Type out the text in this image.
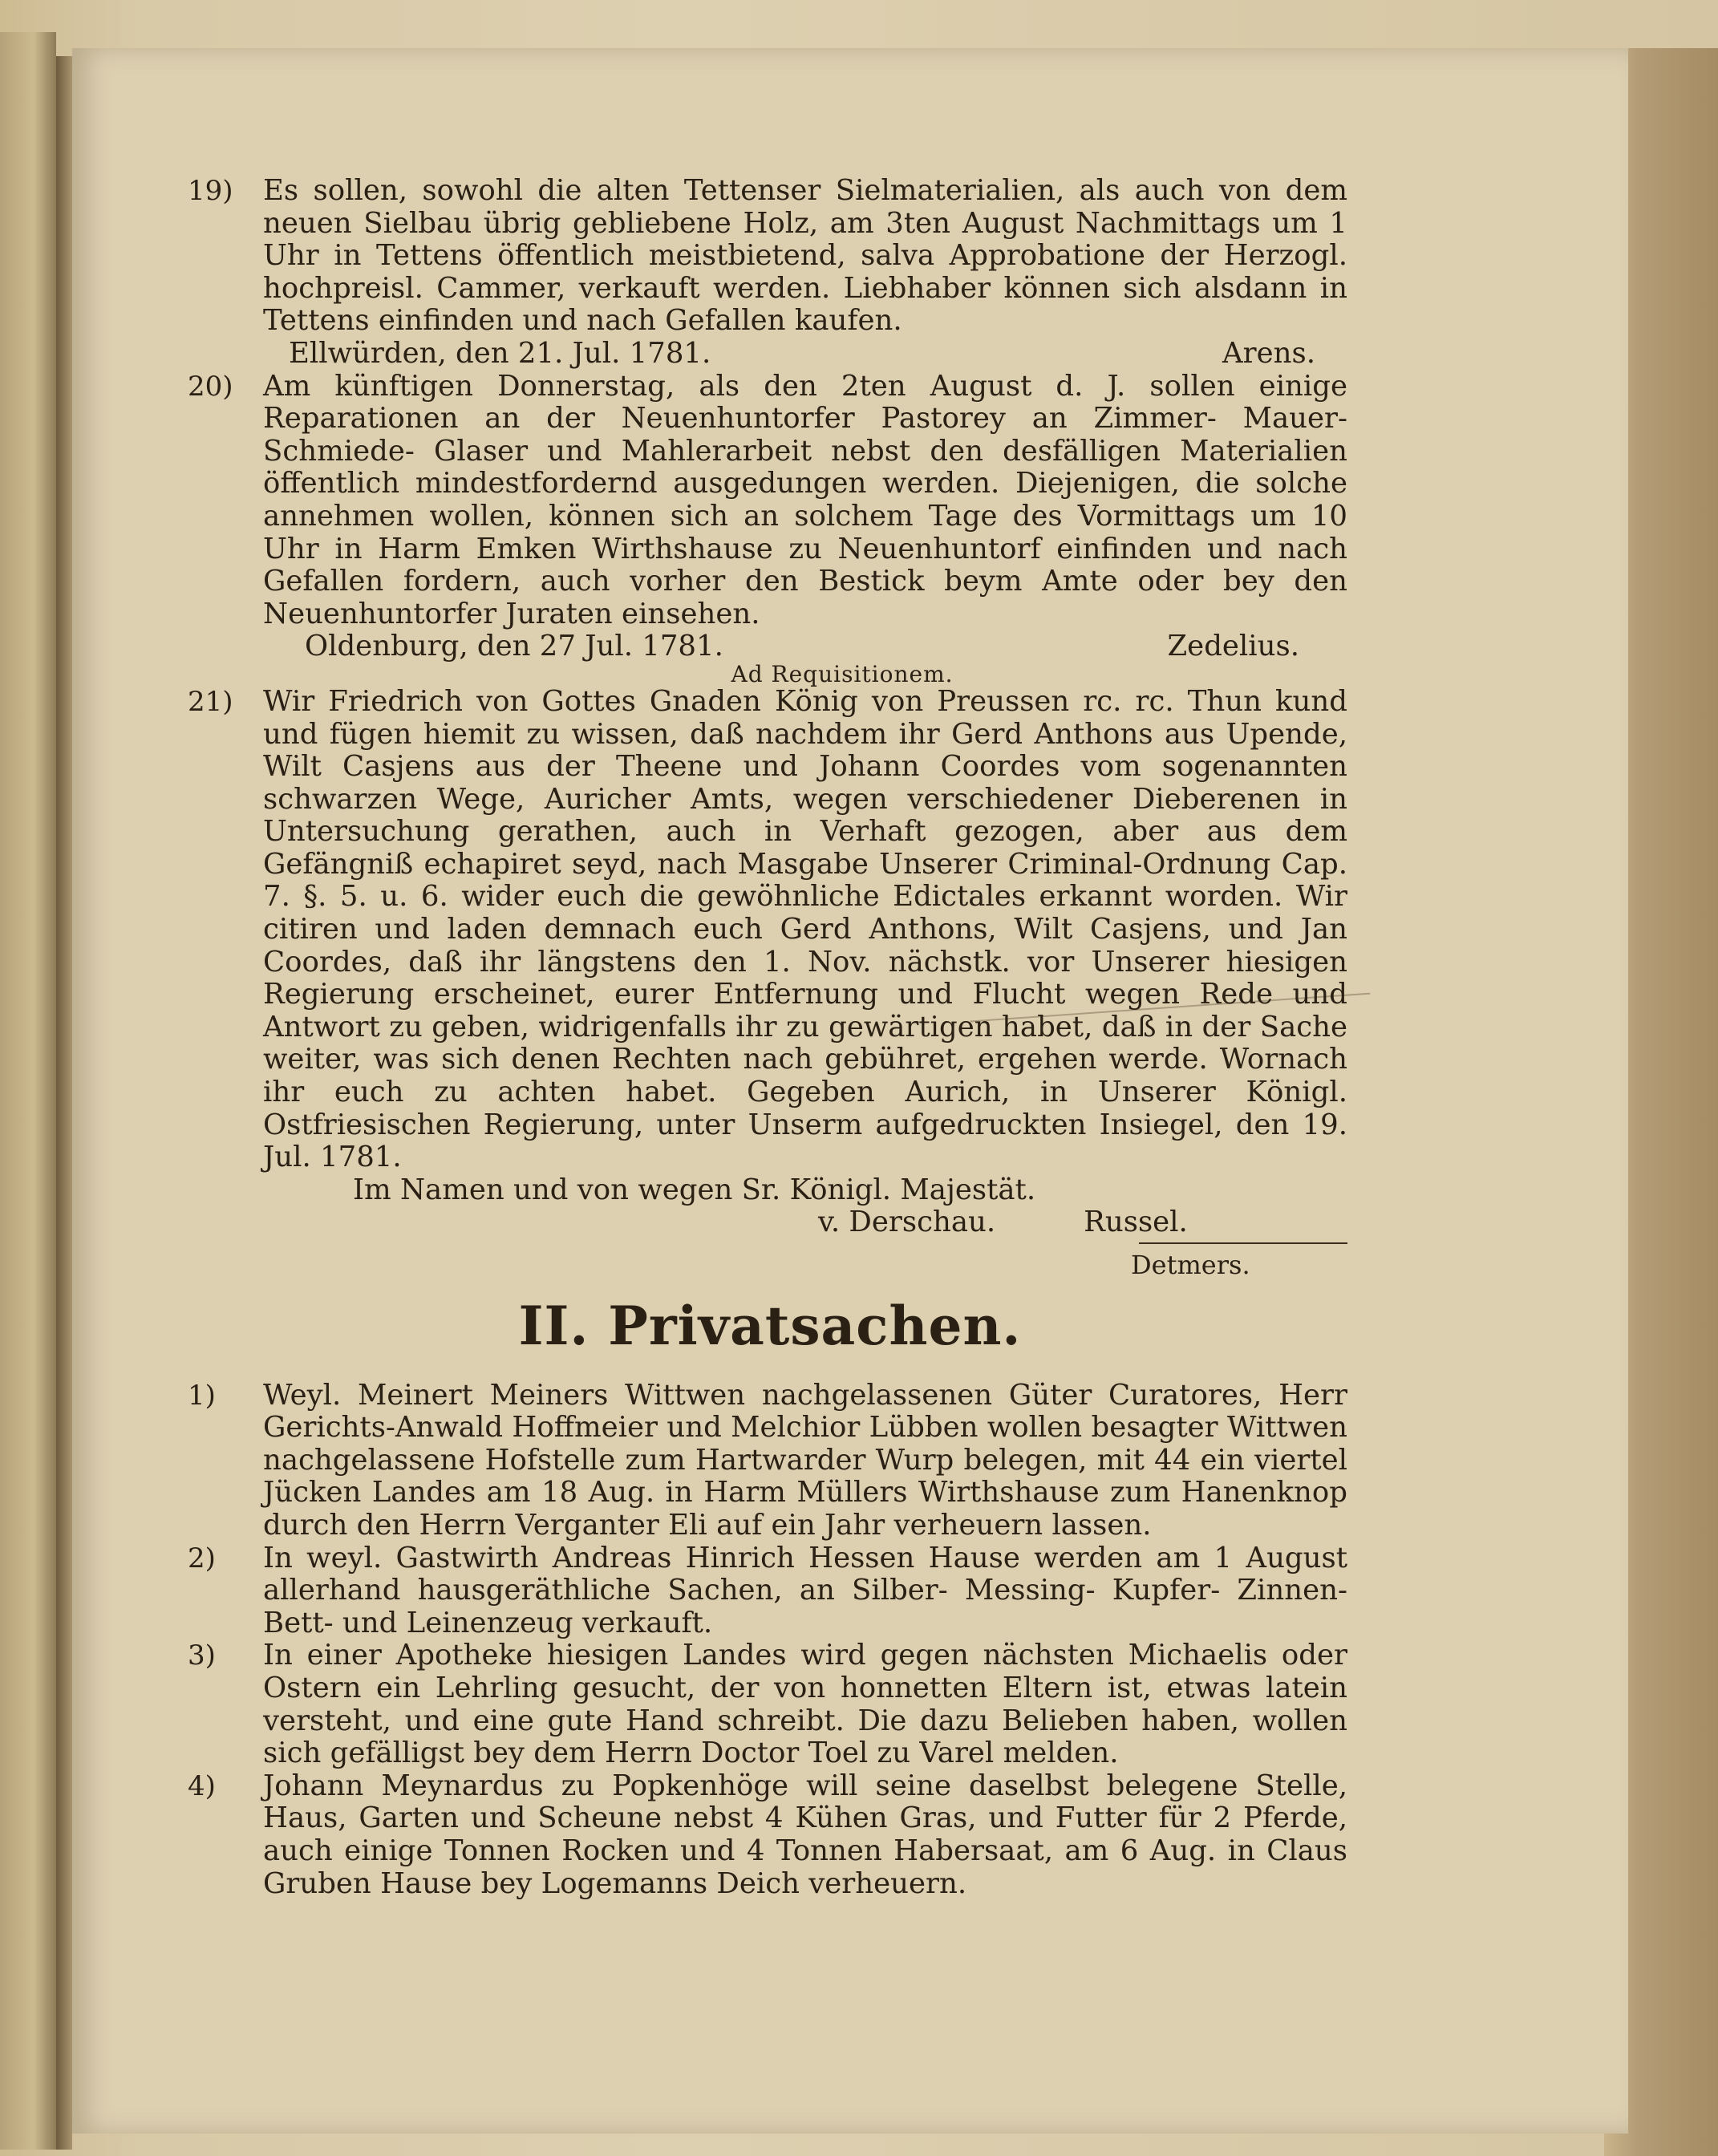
19) Es sollen, sowohl die alten Tettenser Sielmaterialien, als auch von dem neuen Sielbau übrig gebliebene Holz, am 3ten August Nachmittags um 1 Uhr in Tettens öffentlich meistbietend, salva Approbatione der Herzogl. hochpreisl. Cammer, verkauft werden. Liebhaber können sich alsdann in Tettens einfinden und nach Gefallen kaufen.
Ellwürden, den 21. Jul. 1781.	Arens.
20) Am künftigen Donnerstag, als den 2ten August d. J. sollen einige Reparationen an der Neuenhuntorfer Pastorey an Zimmer- Mauer- Schmiede- Glaser und Mahlerarbeit nebst den desfälligen Materialien öffentlich mindestfordernd ausgedungen werden. Diejenigen, die solche annehmen wollen, können sich an solchem Tage des Vormittags um 10 Uhr in Harm Emken Wirthshause zu Neuenhuntorf einfinden und nach Gefallen fordern, auch vorher den Bestick beym Amte oder bey den Neuenhuntorfer Juraten einsehen.
Oldenburg, den 27 Jul. 1781.	Zedelius.
Ad Requisitionem.
21) Wir Friedrich von Gottes Gnaden König von Preussen rc. rc. Thun kund und fügen hiemit zu wissen, daß nachdem ihr Gerd Anthons aus Upende, Wilt Casjens aus der Theene und Johann Coordes vom sogenannten schwarzen Wege, Auricher Amts, wegen verschiedener Dieberenen in Untersuchung gerathen, auch in Verhaft gezogen, aber aus dem Gefängniß echapiret seyd, nach Masgabe Unserer Criminal-Ordnung Cap. 7. §. 5. u. 6. wider euch die gewöhnliche Edictales erkannt worden. Wir citiren und laden demnach euch Gerd Anthons, Wilt Casjens, und Jan Coordes, daß ihr längstens den 1. Nov. nächstk. vor Unserer hiesigen Regierung erscheinet, eurer Entfernung und Flucht wegen Rede und Antwort zu geben, widrigenfalls ihr zu gewärtigen habet, daß in der Sache weiter, was sich denen Rechten nach gebühret, ergehen werde. Wornach ihr euch zu achten habet. Gegeben Aurich, in Unserer Königl. Ostfriesischen Regierung, unter Unserm aufgedruckten Insiegel, den 19. Jul. 1781.
Im Namen und von wegen Sr. Königl. Majestät.
v. Derschau.	Russel.
Detmers.
II. Privatsachen.
1) Weyl. Meinert Meiners Wittwen nachgelassenen Güter Curatores, Herr Gerichts-Anwald Hoffmeier und Melchior Lübben wollen besagter Wittwen nachgelassene Hofstelle zum Hartwarder Wurp belegen, mit 44 ein viertel Jücken Landes am 18 Aug. in Harm Müllers Wirthshause zum Hanenknop durch den Herrn Verganter Eli auf ein Jahr verheuern lassen.
2) In weyl. Gastwirth Andreas Hinrich Hessen Hause werden am 1 August allerhand hausgeräthliche Sachen, an Silber- Messing- Kupfer- Zinnen- Bett- und Leinenzeug verkauft.
3) In einer Apotheke hiesigen Landes wird gegen nächsten Michaelis oder Ostern ein Lehrling gesucht, der von honnetten Eltern ist, etwas latein versteht, und eine gute Hand schreibt. Die dazu Belieben haben, wollen sich gefälligst bey dem Herrn Doctor Toel zu Varel melden.
4) Johann Meynardus zu Popkenhöge will seine daselbst belegene Stelle, Haus, Garten und Scheune nebst 4 Kühen Gras, und Futter für 2 Pferde, auch einige Tonnen Rocken und 4 Tonnen Habersaat, am 6 Aug. in Claus Gruben Hause bey Logemanns Deich verheuern.
